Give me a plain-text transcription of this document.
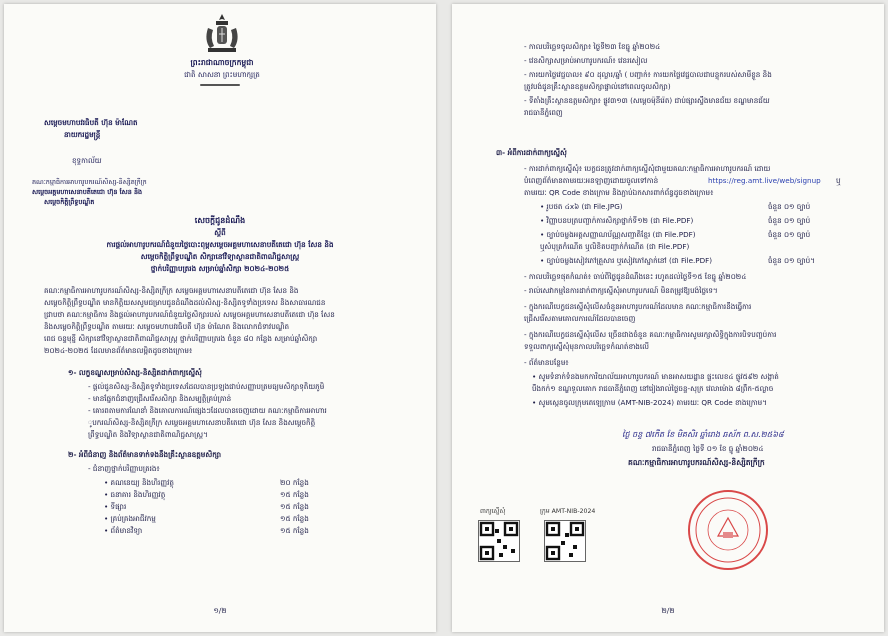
ព្រះរាជាណាចក្រកម្ពុជា
ជាតិ សាសនា ព្រះមហាក្សត្រ
សម្តេចមហាបវរធិបតី ហ៊ុន ម៉ាណែត
នាយករដ្ឋមន្ត្រី
ខុទ្ទកាល័យ
គណៈកម្មាធិការអាហារូបករណ៍សិស្ស-និស្សិតក្រីក្រ
សម្តេចអគ្គមហាសេនាបតីតេជោ ហ៊ុន សែន និង
សម្តេចកិត្តិព្រឹទ្ធបណ្ឌិត
សេចក្តីជូនដំណឹង
ស្តីពី
ការផ្តល់អាហារូបករណ៍ជំនួយថ្លៃបោះពុម្ពសម្តេចអគ្គមហាសេនាបតីតេជោ ហ៊ុន សែន និង
សម្តេចកិត្តិព្រឹទ្ធបណ្ឌិត សិក្សានៅវិទ្យាស្ថានជាតិពាណិជ្ជសាស្ត្រ
ថ្នាក់បរិញ្ញាបត្ររង សម្រាប់ឆ្នាំសិក្សា ២០២៤-២០២៥
គណៈកម្មាធិការអាហារូបករណ៍សិស្ស-និស្សិតក្រីក្រ សម្តេចអគ្គមហាសេនាបតីតេជោ ហ៊ុន សែន និង
សម្តេចកិត្តិព្រឹទ្ធបណ្ឌិត មានកិត្តិយសសូមជម្រាបជូនដំណឹងដល់សិស្ស-និស្សិតទូទាំងប្រទេស និងសាធារណជន
ជ្រាបថា គណៈកម្មាធិការ និងផ្តល់អាហារូបករណ៍ជំនួយថ្លៃសិក្សារបស់ សម្តេចអគ្គមហាសេនាបតីតេជោ ហ៊ុន សែន
និងសម្តេចកិត្តិព្រឹទ្ធបណ្ឌិត តាមរយៈ សម្តេចមហាបវរធិបតី ហ៊ុន ម៉ាណែត និងលោកជំទាវបណ្ឌិត
ពេជ ចន្ទមុន្នី សិក្សានៅវិទ្យាស្ថានជាតិពាណិជ្ជសាស្ត្រ ថ្នាក់បរិញ្ញាបត្ររង ចំនួន ៨០ កន្លែង សម្រាប់ឆ្នាំសិក្សា
២០២៤-២០២៥ ដែលមានព័ត៌មានលម្អិតដូចខាងក្រោម៖
១- លក្ខខណ្ឌសម្រាប់សិស្ស-និស្សិតដាក់ពាក្យស្នើសុំ
- ផ្តល់ជូនសិស្ស-និស្សិតទូទាំងប្រទេសដែលបានប្រឡងជាប់សញ្ញាបត្រមធ្យមសិក្សាទុតិយភូមិ
- មានផ្នែកជំនាញជ្រើសរើសសិក្សា និងសម្បត្តិគ្រប់គ្រាន់
- គោរពតាមការណែនាំ និងគោលការណ៍ផ្សេងៗដែលបានចេញដោយ គណៈកម្មាធិការអាហារ
ូបករណ៍សិស្ស-និស្សិតក្រីក្រ សម្តេចអគ្គមហាសេនាបតីតេជោ ហ៊ុន សែន និងសម្តេចកិត្តិ
ព្រឹទ្ធបណ្ឌិត និងវិទ្យាស្ថានជាតិពាណិជ្ជសាស្ត្រ។
២- អំពីជំនាញ និងព័ត៌មានទាក់ទងនឹងគ្រឹះស្ថានឧត្តមសិក្សា
- ជំនាញថ្នាក់បរិញ្ញាបត្ររង៖
• គណនេយ្យ និងហិរញ្ញវត្ថុ	២០ កន្លែង
• ធនាគារ និងហិរញ្ញវត្ថុ	១៥ កន្លែង
• ទីផ្សារ	១៥ កន្លែង
• គ្រប់គ្រងអាជីវកម្ម	១៥ កន្លែង
• ព័ត៌មានវិទ្យា	១៥ កន្លែង
១/២
- កាលបរិច្ឆេទចូលសិក្សា៖ ថ្ងៃទី២៣ ខែធ្នូ ឆ្នាំ២០២៤
- វេនសិក្សាសម្រាប់អាហារូបករណ៍៖ វេនរសៀល
- ការយកថ្លៃវេជ្ជបាល៖ ៩០ ដុល្លារ/ឆ្នាំ ( បញ្ជាក់៖ ការយកថ្លៃវេជ្ជបាលជាបន្ទុករបស់សាមីខ្លួន និង
ត្រូវបង់ជូនគ្រឹះស្ថានឧត្តមសិក្សាផ្ទាល់នៅពេលចូលសិក្សា)
- ទីតាំងគ្រឹះស្ថានឧត្តមសិក្សា៖ ផ្លូវ៣១៣ (សម្តេចម៉ុនីរ៉េត) ជាប់ផ្សារស្ទឹងមានជ័យ ខណ្ឌមានជ័យ
រាជធានីភ្នំពេញ
៣- អំពីការដាក់ពាក្យស្នើសុំ
- ការដាក់ពាក្យស្នើសុំ៖ បេក្ខជនត្រូវដាក់ពាក្យស្នើសុំជាមួយគណៈកម្មាធិការអាហារូបករណ៍ ដោយ
បំពេញព័ត៌មានតាមរយៈអនឡាញដោយចូលទៅកាន់	https://reg.amt.live/web/signup ឬ
តាមរយៈ QR Code ខាងក្រោម និងភ្ជាប់ឯកសារពាក់ព័ន្ធដូចខាងក្រោម៖
• រូបថត ៤x៦ (ជា File.JPG)	ចំនួន ០១ ច្បាប់
• វិញ្ញាបនបត្របញ្ជាក់ការសិក្សាថ្នាក់ទី១២ (ជា File.PDF)	ចំនួន ០១ ច្បាប់
• ច្បាប់ចម្លងអត្តសញ្ញាណប័ណ្ណសញ្ជាតិខ្មែរ (ជា File.PDF)	ចំនួន ០១ ច្បាប់
ឬសំបុត្រកំណើត ឬលិខិតបញ្ជាក់កំណើត (ជា File.PDF)
• ច្បាប់ចម្លងសៀវភៅគ្រួសារ ឬសៀវភៅស្នាក់នៅ (ជា File.PDF)	ចំនួន ០១ ច្បាប់។
- កាលបរិច្ឆេទផុតកំណត់៖ ចាប់ពីថ្ងៃជូនដំណឹងនេះ រហូតដល់ថ្ងៃទី១៥ ខែធ្នូ ឆ្នាំ២០២៤
- រាល់សេវាកម្មនៃការដាក់ពាក្យស្នើសុំអាហារូបករណ៍ មិនតម្រូវឱ្យបង់ថ្លៃទេ។
- ក្នុងករណីបេក្ខជនស្នើសុំលើសចំនួនអាហារូបករណ៍ដែលមាន គណៈកម្មាធិការនឹងធ្វើការ
ជ្រើសរើសតាមគោលការណ៍ដែលបានចេញ
- ក្នុងករណីបេក្ខជនស្នើសុំលើស ច្រើនជាងចំនួន គណៈកម្មាធិការសូមរក្សាសិទ្ធិក្នុងការបិទបញ្ចប់ការ
ទទួលពាក្យស្នើសុំមុនកាលបរិច្ឆេទកំណត់ខាងលើ
- ព័ត៌មានបន្ថែម៖
• សូមទំនាក់ទំនងមកការិយាល័យអាហារូបករណ៍ មានអាសយដ្ឋាន ផ្ទះលេខ៤ ផ្លូវ៥៩២ សង្កាត់
បឹងកក់១ ខណ្ឌទួលគោក រាជធានីភ្នំពេញ នៅរៀងរាល់ថ្ងៃចន្ទ-សុក្រ វេលាម៉ោង ៨ព្រឹក-៥ល្ងាច
• សូមស្កេនចូលក្រុមតេឡេក្រាម (AMT-NIB-2024) តាមរយៈ QR Code ខាងក្រោម។
ថ្ងៃ ចន្ទ ៧កើត ខែ មិគសិរ ឆ្នាំរោង ឆស័ក ព.ស.២៥៦៨
រាជធានីភ្នំពេញ ថ្ងៃទី ០១ ខែ ធ្នូ ឆ្នាំ២០២៤
គណៈកម្មាធិការអាហារូបករណ៍សិស្ស-និស្សិតក្រីក្រ
ពាក្យស្នើសុំ	ក្រុម AMT-NIB-2024
២/២
